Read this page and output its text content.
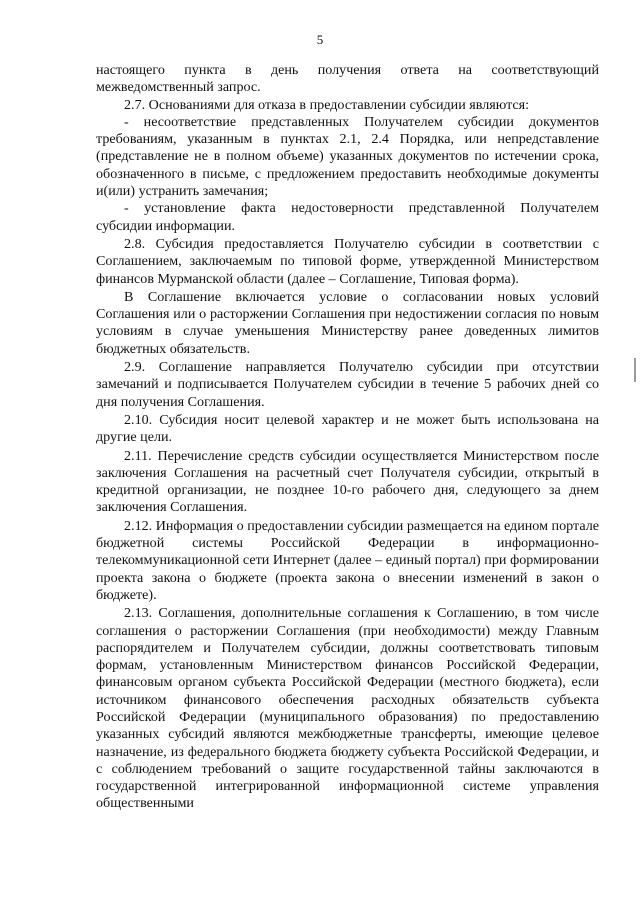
5

настоящего пункта в день получения ответа на соответствующий межведомственный запрос.

2.7. Основаниями для отказа в предоставлении субсидии являются:

- несоответствие представленных Получателем субсидии документов требованиям, указанным в пунктах 2.1, 2.4 Порядка, или непредставление (представление не в полном объеме) указанных документов по истечении срока, обозначенного в письме, с предложением предоставить необходимые документы и(или) устранить замечания;

- установление факта недостоверности представленной Получателем субсидии информации.

2.8. Субсидия предоставляется Получателю субсидии в соответствии с Соглашением, заключаемым по типовой форме, утвержденной Министерством финансов Мурманской области (далее – Соглашение, Типовая форма).

В Соглашение включается условие о согласовании новых условий Соглашения или о расторжении Соглашения при недостижении согласия по новым условиям в случае уменьшения Министерству ранее доведенных лимитов бюджетных обязательств.

2.9. Соглашение направляется Получателю субсидии при отсутствии замечаний и подписывается Получателем субсидии в течение 5 рабочих дней со дня получения Соглашения.

2.10. Субсидия носит целевой характер и не может быть использована на другие цели.

2.11. Перечисление средств субсидии осуществляется Министерством после заключения Соглашения на расчетный счет Получателя субсидии, открытый в кредитной организации, не позднее 10-го рабочего дня, следующего за днем заключения Соглашения.

2.12. Информация о предоставлении субсидии размещается на едином портале бюджетной системы Российской Федерации в информационно-телекоммуникационной сети Интернет (далее – единый портал) при формировании проекта закона о бюджете (проекта закона о внесении изменений в закон о бюджете).

2.13. Соглашения, дополнительные соглашения к Соглашению, в том числе соглашения о расторжении Соглашения (при необходимости) между Главным распорядителем и Получателем субсидии, должны соответствовать типовым формам, установленным Министерством финансов Российской Федерации, финансовым органом субъекта Российской Федерации (местного бюджета), если источником финансового обеспечения расходных обязательств субъекта Российской Федерации (муниципального образования) по предоставлению указанных субсидий являются межбюджетные трансферты, имеющие целевое назначение, из федерального бюджета бюджету субъекта Российской Федерации, и с соблюдением требований о защите государственной тайны заключаются в государственной интегрированной информационной системе управления общественными
